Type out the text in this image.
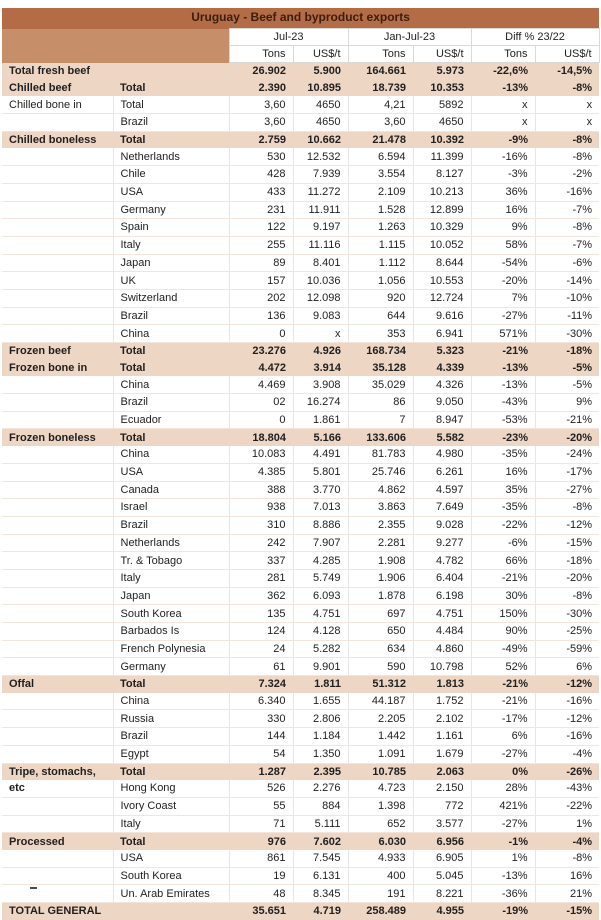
Uruguay - Beef and byproduct exports							
		Jul-23		Jan-Jul-23		Diff % 23/22	
		Tons	US$/t	Tons	US$/t	Tons	US$/t
Total fresh beef		26.902	5.900	164.661	5.973	-22,6%	-14,5%
Chilled beef	Total	2.390	10.895	18.739	10.353	-13%	-8%
Chilled bone in	Total	3,60	4650	4,21	5892	x	x
	Brazil	3,60	4650	3,60	4650	x	x
Chilled boneless	Total	2.759	10.662	21.478	10.392	-9%	-8%
	Netherlands	530	12.532	6.594	11.399	-16%	-8%
	Chile	428	7.939	3.554	8.127	-3%	-2%
	USA	433	11.272	2.109	10.213	36%	-16%
	Germany	231	11.911	1.528	12.899	16%	-7%
	Spain	122	9.197	1.263	10.329	9%	-8%
	Italy	255	11.116	1.115	10.052	58%	-7%
	Japan	89	8.401	1.112	8.644	-54%	-6%
	UK	157	10.036	1.056	10.553	-20%	-14%
	Switzerland	202	12.098	920	12.724	7%	-10%
	Brazil	136	9.083	644	9.616	-27%	-11%
	China	0	x	353	6.941	571%	-30%
Frozen beef	Total	23.276	4.926	168.734	5.323	-21%	-18%
Frozen bone in	Total	4.472	3.914	35.128	4.339	-13%	-5%
	China	4.469	3.908	35.029	4.326	-13%	-5%
	Brazil	02	16.274	86	9.050	-43%	9%
	Ecuador	0	1.861	7	8.947	-53%	-21%
Frozen boneless	Total	18.804	5.166	133.606	5.582	-23%	-20%
	China	10.083	4.491	81.783	4.980	-35%	-24%
	USA	4.385	5.801	25.746	6.261	16%	-17%
	Canada	388	3.770	4.862	4.597	35%	-27%
	Israel	938	7.013	3.863	7.649	-35%	-8%
	Brazil	310	8.886	2.355	9.028	-22%	-12%
	Netherlands	242	7.907	2.281	9.277	-6%	-15%
	Tr. & Tobago	337	4.285	1.908	4.782	66%	-18%
	Italy	281	5.749	1.906	6.404	-21%	-20%
	Japan	362	6.093	1.878	6.198	30%	-8%
	South Korea	135	4.751	697	4.751	150%	-30%
	Barbados Is	124	4.128	650	4.484	90%	-25%
	French Polynesia	24	5.282	634	4.860	-49%	-59%
	Germany	61	9.901	590	10.798	52%	6%
Offal	Total	7.324	1.811	51.312	1.813	-21%	-12%
	China	6.340	1.655	44.187	1.752	-21%	-16%
	Russia	330	2.806	2.205	2.102	-17%	-12%
	Brazil	144	1.184	1.442	1.161	6%	-16%
	Egypt	54	1.350	1.091	1.679	-27%	-4%
Tripe, stomachs,	Total	1.287	2.395	10.785	2.063	0%	-26%
etc	Hong Kong	526	2.276	4.723	2.150	28%	-43%
	Ivory Coast	55	884	1.398	772	421%	-22%
	Italy	71	5.111	652	3.577	-27%	1%
Processed	Total	976	7.602	6.030	6.956	-1%	-4%
	USA	861	7.545	4.933	6.905	1%	-8%
	South Korea	19	6.131	400	5.045	-13%	16%
	Un. Arab Emirates	48	8.345	191	8.221	-36%	21%
TOTAL GENERAL		35.651	4.719	258.489	4.955	-19%	-15%
